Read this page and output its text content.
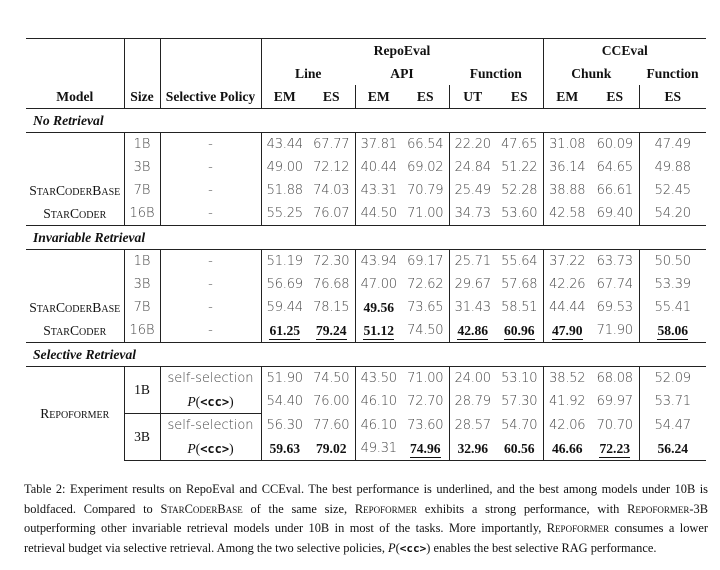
			RepoEval						CCEval		
			Line		API		Function		Chunk		Function
Model	Size	Selective Policy	EM	ES	EM	ES	UT	ES	EM	ES	ES
No Retrieval											
	1B	-	43.44	67.77	37.81	66.54	22.20	47.65	31.08	60.09	47.49
	3B	-	49.00	72.12	40.44	69.02	24.84	51.22	36.14	64.65	49.88
StarCoderBase	7B	-	51.88	74.03	43.31	70.79	25.49	52.28	38.88	66.61	52.45
StarCoder	16B	-	55.25	76.07	44.50	71.00	34.73	53.60	42.58	69.40	54.20
Invariable Retrieval											
	1B	-	51.19	72.30	43.94	69.17	25.71	55.64	37.22	63.73	50.50
	3B	-	56.69	76.68	47.00	72.62	29.67	57.68	42.26	67.74	53.39
StarCoderBase	7B	-	59.44	78.15	49.56	73.65	31.43	58.51	44.44	69.53	55.41
StarCoder	16B	-	61.25	79.24	51.12	74.50	42.86	60.96	47.90	71.90	58.06
Selective Retrieval											
Repoformer	1B	self-selection	51.90	74.50	43.50	71.00	24.00	53.10	38.52	68.08	52.09
		P(<cc>)	54.40	76.00	46.10	72.70	28.79	57.30	41.92	69.97	53.71
	3B	self-selection	56.30	77.60	46.10	73.60	28.57	54.70	42.06	70.70	54.47
		P(<cc>)	59.63	79.02	49.31	74.96	32.96	60.56	46.66	72.23	56.24
Table 2: Experiment results on RepoEval and CCEval. The best performance is underlined, and the best among models under 10B is boldfaced. Compared to StarCoderBase of the same size, Repoformer exhibits a strong performance, with Repoformer-3B outperforming other invariable retrieval models under 10B in most of the tasks. More importantly, Repoformer consumes a lower retrieval budget via selective retrieval. Among the two selective policies, P(<cc>) enables the best selective RAG performance.
